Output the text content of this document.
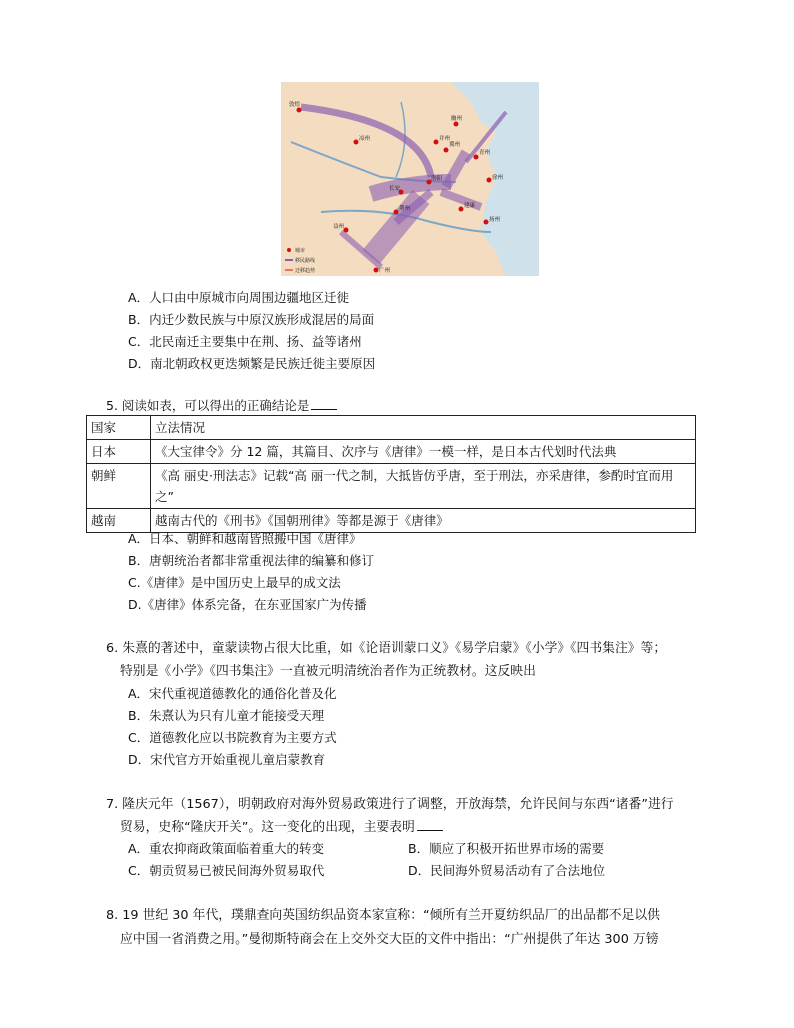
敦煌
凉州
长安
洛阳
幽州
冀州
青州
建康
荆州
广州
益州
徐州
扬州
并州
城市
移民路线
迁移趋势
A．人口由中原城市向周围边疆地区迁徙
B．内迁少数民族与中原汉族形成混居的局面
C．北民南迁主要集中在荆、扬、益等诸州
D．南北朝政权更迭频繁是民族迁徙主要原因
5. 阅读如表，可以得出的正确结论是
国家	立法情况
日本	《大宝律令》分 12 篇，其篇目、次序与《唐律》一模一样，是日本古代划时代法典
朝鲜	《高 丽史·刑法志》记载“高 丽一代之制，大抵皆仿乎唐，至于刑法，亦采唐律，参酌时宜而用之”
越南	越南古代的《刑书》《国朝刑律》等都是源于《唐律》
A．日本、朝鲜和越南皆照搬中国《唐律》
B．唐朝统治者都非常重视法律的编纂和修订
C.《唐律》是中国历史上最早的成文法
D.《唐律》体系完备，在东亚国家广为传播
6. 朱熹的著述中，童蒙读物占很大比重，如《论语训蒙口义》《易学启蒙》《小学》《四书集注》等；
特别是《小学》《四书集注》一直被元明清统治者作为正统教材。这反映出
A．宋代重视道德教化的通俗化普及化
B．朱熹认为只有儿童才能接受天理
C．道德教化应以书院教育为主要方式
D．宋代官方开始重视儿童启蒙教育
7. 隆庆元年（1567），明朝政府对海外贸易政策进行了调整，开放海禁，允许民间与东西“诸番”进行
贸易，史称“隆庆开关”。这一变化的出现，主要表明
A．重农抑商政策面临着重大的转变	B．顺应了积极开拓世界市场的需要
C．朝贡贸易已被民间海外贸易取代	D．民间海外贸易活动有了合法地位
8. 19 世纪 30 年代，璞鼎查向英国纺织品资本家宣称：“倾所有兰开夏纺织品厂的出品都不足以供
应中国一省消费之用。”曼彻斯特商会在上交外交大臣的文件中指出：“广州提供了年达 300 万镑
